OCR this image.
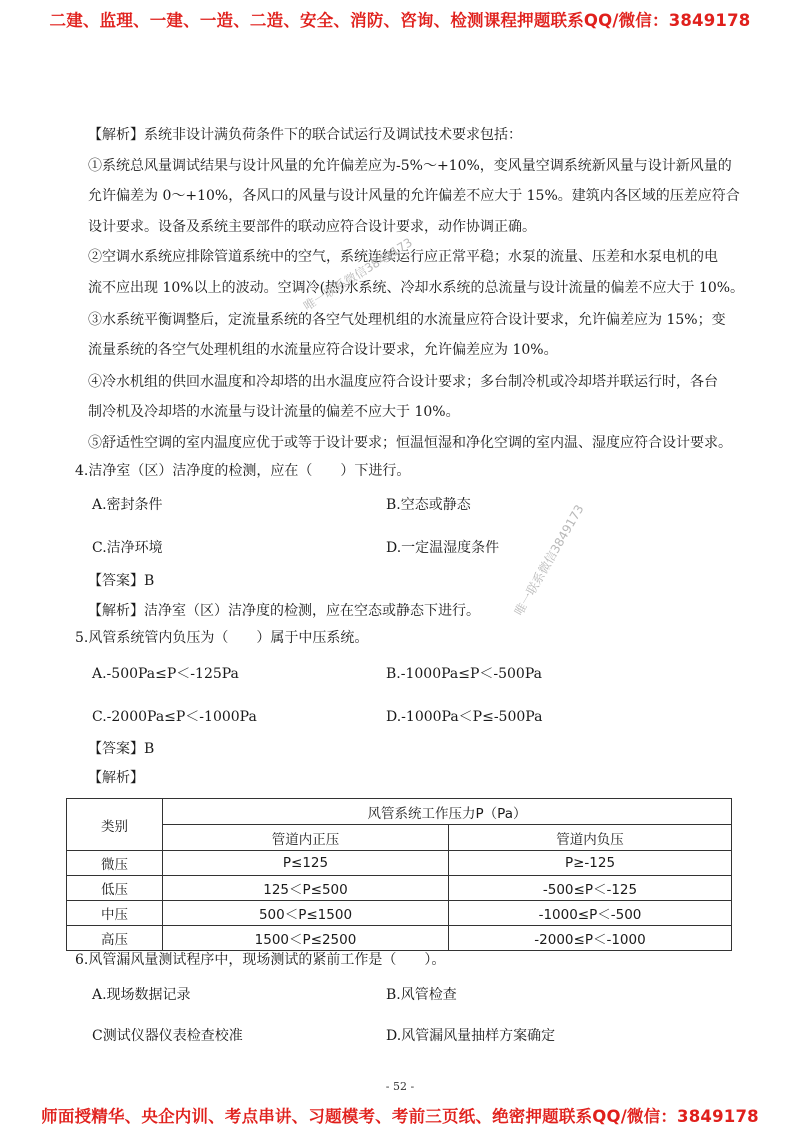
二建、监理、一建、一造、二造、安全、消防、咨询、检测课程押题联系QQ/微信：3849178
【解析】系统非设计满负荷条件下的联合试运行及调试技术要求包括：
①系统总风量调试结果与设计风量的允许偏差应为-5%～+10%，变风量空调系统新风量与设计新风量的
允许偏差为 0～+10%，各风口的风量与设计风量的允许偏差不应大于 15%。建筑内各区域的压差应符合
设计要求。设备及系统主要部件的联动应符合设计要求，动作协调正确。
②空调水系统应排除管道系统中的空气，系统连续运行应正常平稳；水泵的流量、压差和水泵电机的电
流不应出现 10%以上的波动。空调冷(热)水系统、冷却水系统的总流量与设计流量的偏差不应大于 10%。
③水系统平衡调整后，定流量系统的各空气处理机组的水流量应符合设计要求，允许偏差应为 15%；变
流量系统的各空气处理机组的水流量应符合设计要求，允许偏差应为 10%。
④冷水机组的供回水温度和冷却塔的出水温度应符合设计要求；多台制冷机或冷却塔并联运行时，各台
制冷机及冷却塔的水流量与设计流量的偏差不应大于 10%。
⑤舒适性空调的室内温度应优于或等于设计要求；恒温恒湿和净化空调的室内温、湿度应符合设计要求。
4.洁净室（区）洁净度的检测，应在（　　）下进行。
A.密封条件	B.空态或静态
C.洁净环境	D.一定温湿度条件
【答案】B
【解析】洁净室（区）洁净度的检测，应在空态或静态下进行。
5.风管系统管内负压为（　　）属于中压系统。
A.-500Pa≤P＜-125Pa	B.-1000Pa≤P＜-500Pa
C.-2000Pa≤P＜-1000Pa	D.-1000Pa＜P≤-500Pa
【答案】B
【解析】
类别	风管系统工作压力P（Pa）	
	管道内正压	管道内负压
微压	P≤125	P≥-125
低压	125＜P≤500	-500≤P＜-125
中压	500＜P≤1500	-1000≤P＜-500
高压	1500＜P≤2500	-2000≤P＜-1000
6.风管漏风量测试程序中，现场测试的紧前工作是（　　）。
A.现场数据记录	B.风管检查
C测试仪器仪表检查校准	D.风管漏风量抽样方案确定
唯一联系微信3849173
唯一联系微信3849173
- 52 -
师面授精华、央企内训、考点串讲、习题模考、考前三页纸、绝密押题联系QQ/微信：3849178
